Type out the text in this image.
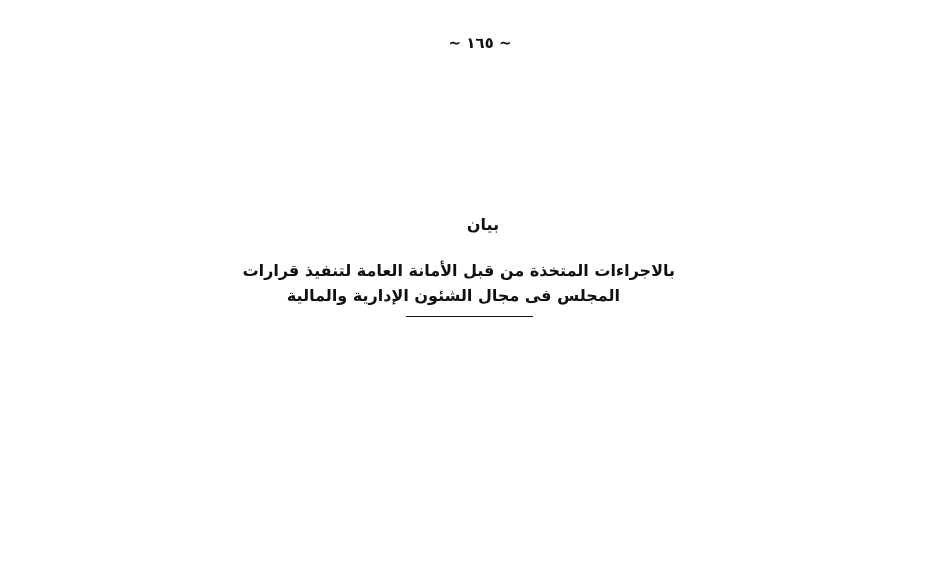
~ ١٦٥ ~
بيان
بالاجراءات المتخذة من قبل الأمانة العامة لتنفيذ قرارات
المجلس فى مجال الشئون الإدارية والمالية
